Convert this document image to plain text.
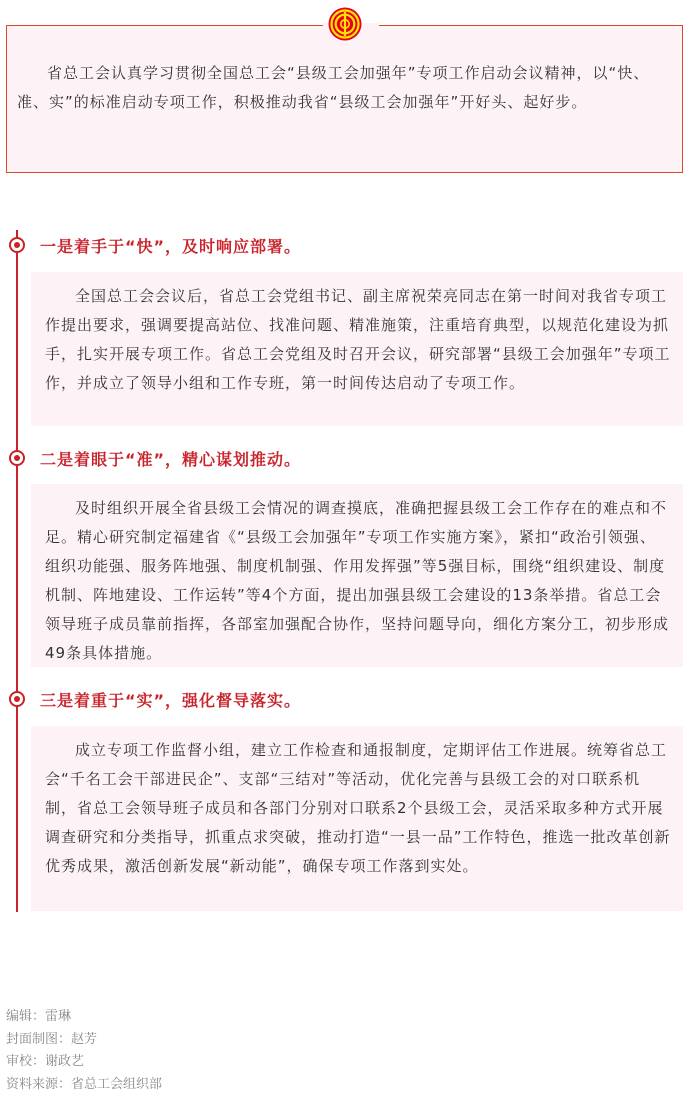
省总工会认真学习贯彻全国总工会“县级工会加强年”专项工作启动会议精神，以“快、准、实”的标准启动专项工作，积极推动我省“县级工会加强年”开好头、起好步。
一是着手于“快”，及时响应部署。
全国总工会会议后，省总工会党组书记、副主席祝荣亮同志在第一时间对我省专项工作提出要求，强调要提高站位、找准问题、精准施策，注重培育典型，以规范化建设为抓手，扎实开展专项工作。省总工会党组及时召开会议，研究部署“县级工会加强年”专项工作，并成立了领导小组和工作专班，第一时间传达启动了专项工作。
二是着眼于“准”，精心谋划推动。
及时组织开展全省县级工会情况的调查摸底，准确把握县级工会工作存在的难点和不足。精心研究制定福建省《“县级工会加强年”专项工作实施方案》，紧扣“政治引领强、组织功能强、服务阵地强、制度机制强、作用发挥强”等5强目标，围绕“组织建设、制度机制、阵地建设、工作运转”等4个方面，提出加强县级工会建设的13条举措。省总工会领导班子成员靠前指挥，各部室加强配合协作，坚持问题导向，细化方案分工，初步形成49条具体措施。
三是着重于“实”，强化督导落实。
成立专项工作监督小组，建立工作检查和通报制度，定期评估工作进展。统筹省总工会“千名工会干部进民企”、支部“三结对”等活动，优化完善与县级工会的对口联系机制，省总工会领导班子成员和各部门分别对口联系2个县级工会，灵活采取多种方式开展调查研究和分类指导，抓重点求突破，推动打造“一县一品”工作特色，推选一批改革创新优秀成果，激活创新发展“新动能”，确保专项工作落到实处。
编辑：雷琳
封面制图：赵芳
审校：谢政艺
资料来源：省总工会组织部
